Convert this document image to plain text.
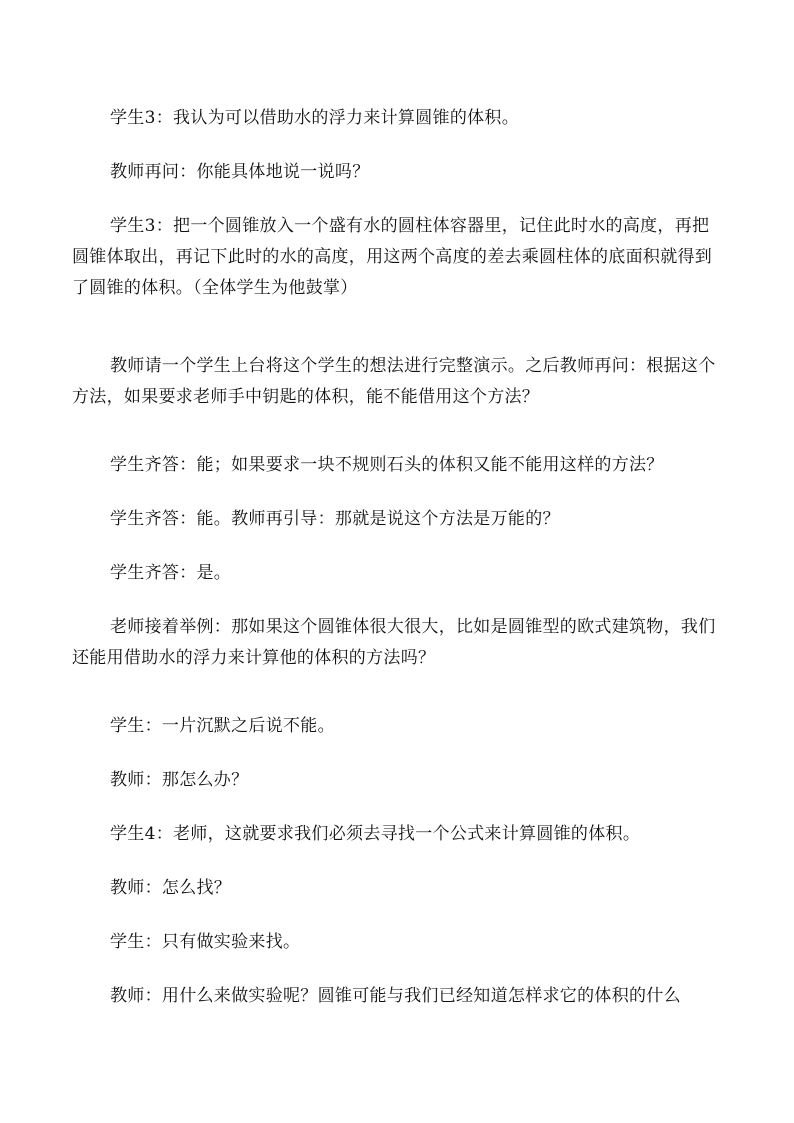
学生3：我认为可以借助水的浮力来计算圆锥的体积。
教师再问：你能具体地说一说吗？
学生3：把一个圆锥放入一个盛有水的圆柱体容器里，记住此时水的高度，再把圆锥体取出，再记下此时的水的高度，用这两个高度的差去乘圆柱体的底面积就得到了圆锥的体积。（全体学生为他鼓掌）
教师请一个学生上台将这个学生的想法进行完整演示。之后教师再问：根据这个方法，如果要求老师手中钥匙的体积，能不能借用这个方法？
学生齐答：能；如果要求一块不规则石头的体积又能不能用这样的方法？
学生齐答：能。教师再引导：那就是说这个方法是万能的？
学生齐答：是。
老师接着举例：那如果这个圆锥体很大很大，比如是圆锥型的欧式建筑物，我们还能用借助水的浮力来计算他的体积的方法吗？
学生：一片沉默之后说不能。
教师：那怎么办？
学生4：老师，这就要求我们必须去寻找一个公式来计算圆锥的体积。
教师：怎么找？
学生：只有做实验来找。
教师：用什么来做实验呢？圆锥可能与我们已经知道怎样求它的体积的什么
